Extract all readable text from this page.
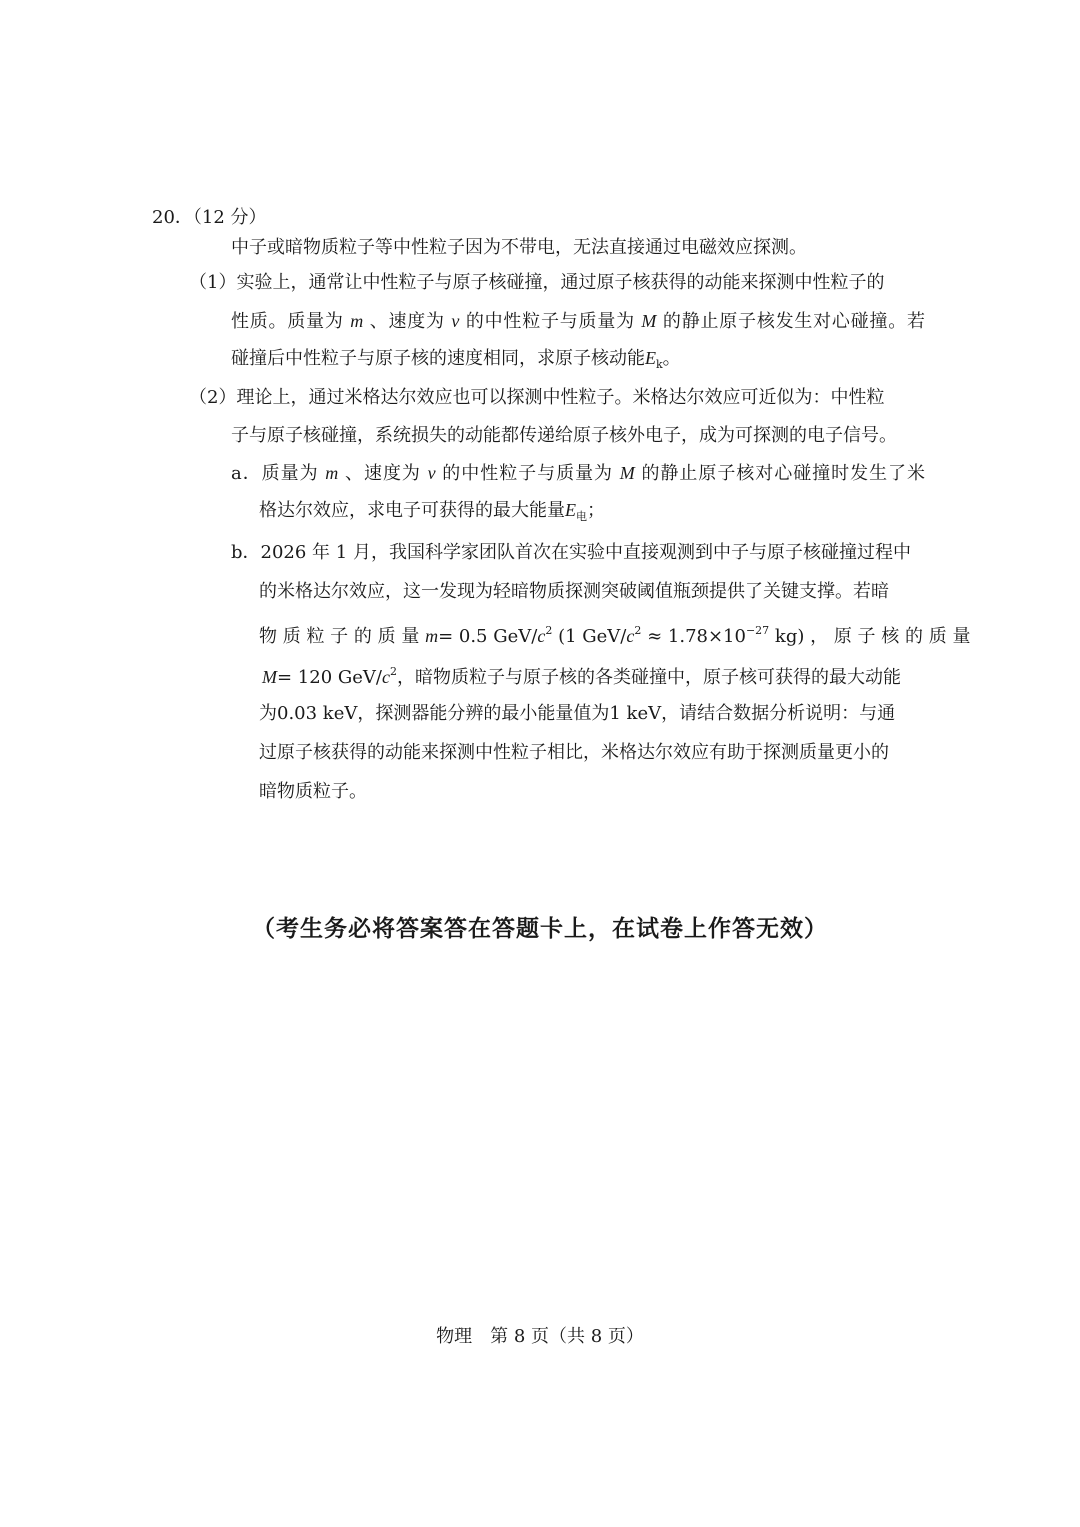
20．（12 分）
中子或暗物质粒子等中性粒子因为不带电，无法直接通过电磁效应探测。
（1）实验上，通常让中性粒子与原子核碰撞，通过原子核获得的动能来探测中性粒子的
性质。质量为 m 、速度为 v 的中性粒子与质量为 M 的静止原子核发生对心碰撞。若
碰撞后中性粒子与原子核的速度相同，求原子核动能$E_k$。
（2）理论上，通过米格达尔效应也可以探测中性粒子。米格达尔效应可近似为：中性粒
子与原子核碰撞，系统损失的动能都传递给原子核外电子，成为可探测的电子信号。
a．质量为 m 、速度为 v 的中性粒子与质量为 M 的静止原子核对心碰撞时发生了米
格达尔效应，求电子可获得的最大能量$E_电$；
b．2026 年 1 月，我国科学家团队首次在实验中直接观测到中子与原子核碰撞过程中
的米格达尔效应，这一发现为轻暗物质探测突破阈值瓶颈提供了关键支撑。若暗
物 质 粒 子 的 质 量 m= 0.5 GeV/$c^2$ (1 GeV/$c^2 \approx 1.78\times 10^{-27}$ kg) ， 原 子 核 的 质 量
M= 120 GeV/$c^2$，暗物质粒子与原子核的各类碰撞中，原子核可获得的最大动能
为0.03 keV，探测器能分辨的最小能量值为1 keV，请结合数据分析说明：与通
过原子核获得的动能来探测中性粒子相比，米格达尔效应有助于探测质量更小的
暗物质粒子。
（考生务必将答案答在答题卡上，在试卷上作答无效）
物理　第 8 页（共 8 页）
